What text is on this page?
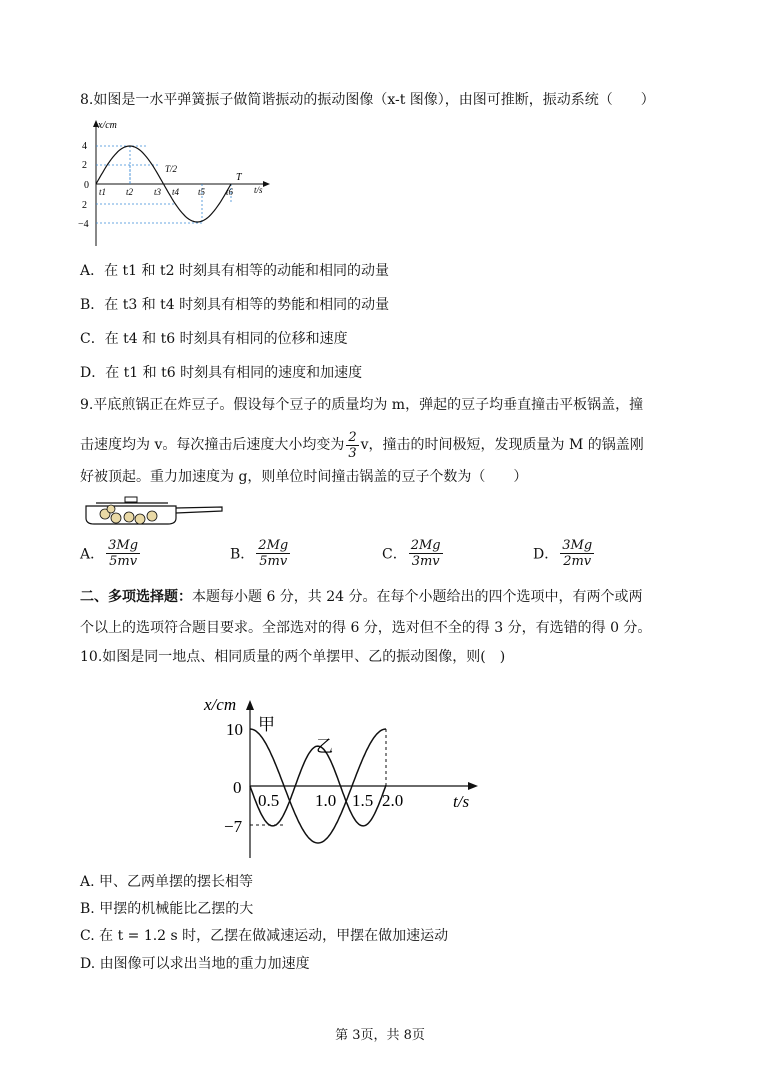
8.如图是一水平弹簧振子做简谐振动的振动图像（x-t 图像），由图可推断，振动系统（　　）
x/cm
4
2
0
2
−4
t1 t2 t3 t4 t5 t6
T/2
T
t/s
A．在 t1 和 t2 时刻具有相等的动能和相同的动量
B．在 t3 和 t4 时刻具有相等的势能和相同的动量
C．在 t4 和 t6 时刻具有相同的位移和速度
D．在 t1 和 t6 时刻具有相同的速度和加速度
9.平底煎锅正在炸豆子。假设每个豆子的质量均为 m，弹起的豆子均垂直撞击平板锅盖，撞
击速度均为 v。每次撞击后速度大小均变为 $\frac{2}{3}$ v，撞击的时间极短，发现质量为 M 的锅盖刚
好被顶起。重力加速度为 g，则单位时间撞击锅盖的豆子个数为（　　）
A． $\frac{3Mg}{5mv}$	B． $\frac{2Mg}{5mv}$	C． $\frac{2Mg}{3mv}$	D． $\frac{3Mg}{2mv}$
二、多项选择题：本题每小题 6 分，共 24 分。在每个小题给出的四个选项中，有两个或两
个以上的选项符合题目要求。全部选对的得 6 分，选对但不全的得 3 分，有选错的得 0 分。
10.如图是同一地点、相同质量的两个单摆甲、乙的振动图像，则(　)
x/cm
10
0
−7
0.5 1.0 1.5 2.0	t/s
甲
乙
A. 甲、乙两单摆的摆长相等
B. 甲摆的机械能比乙摆的大
C. 在 t = 1.2 s 时，乙摆在做减速运动，甲摆在做加速运动
D. 由图像可以求出当地的重力加速度
第 3页，共 8页
